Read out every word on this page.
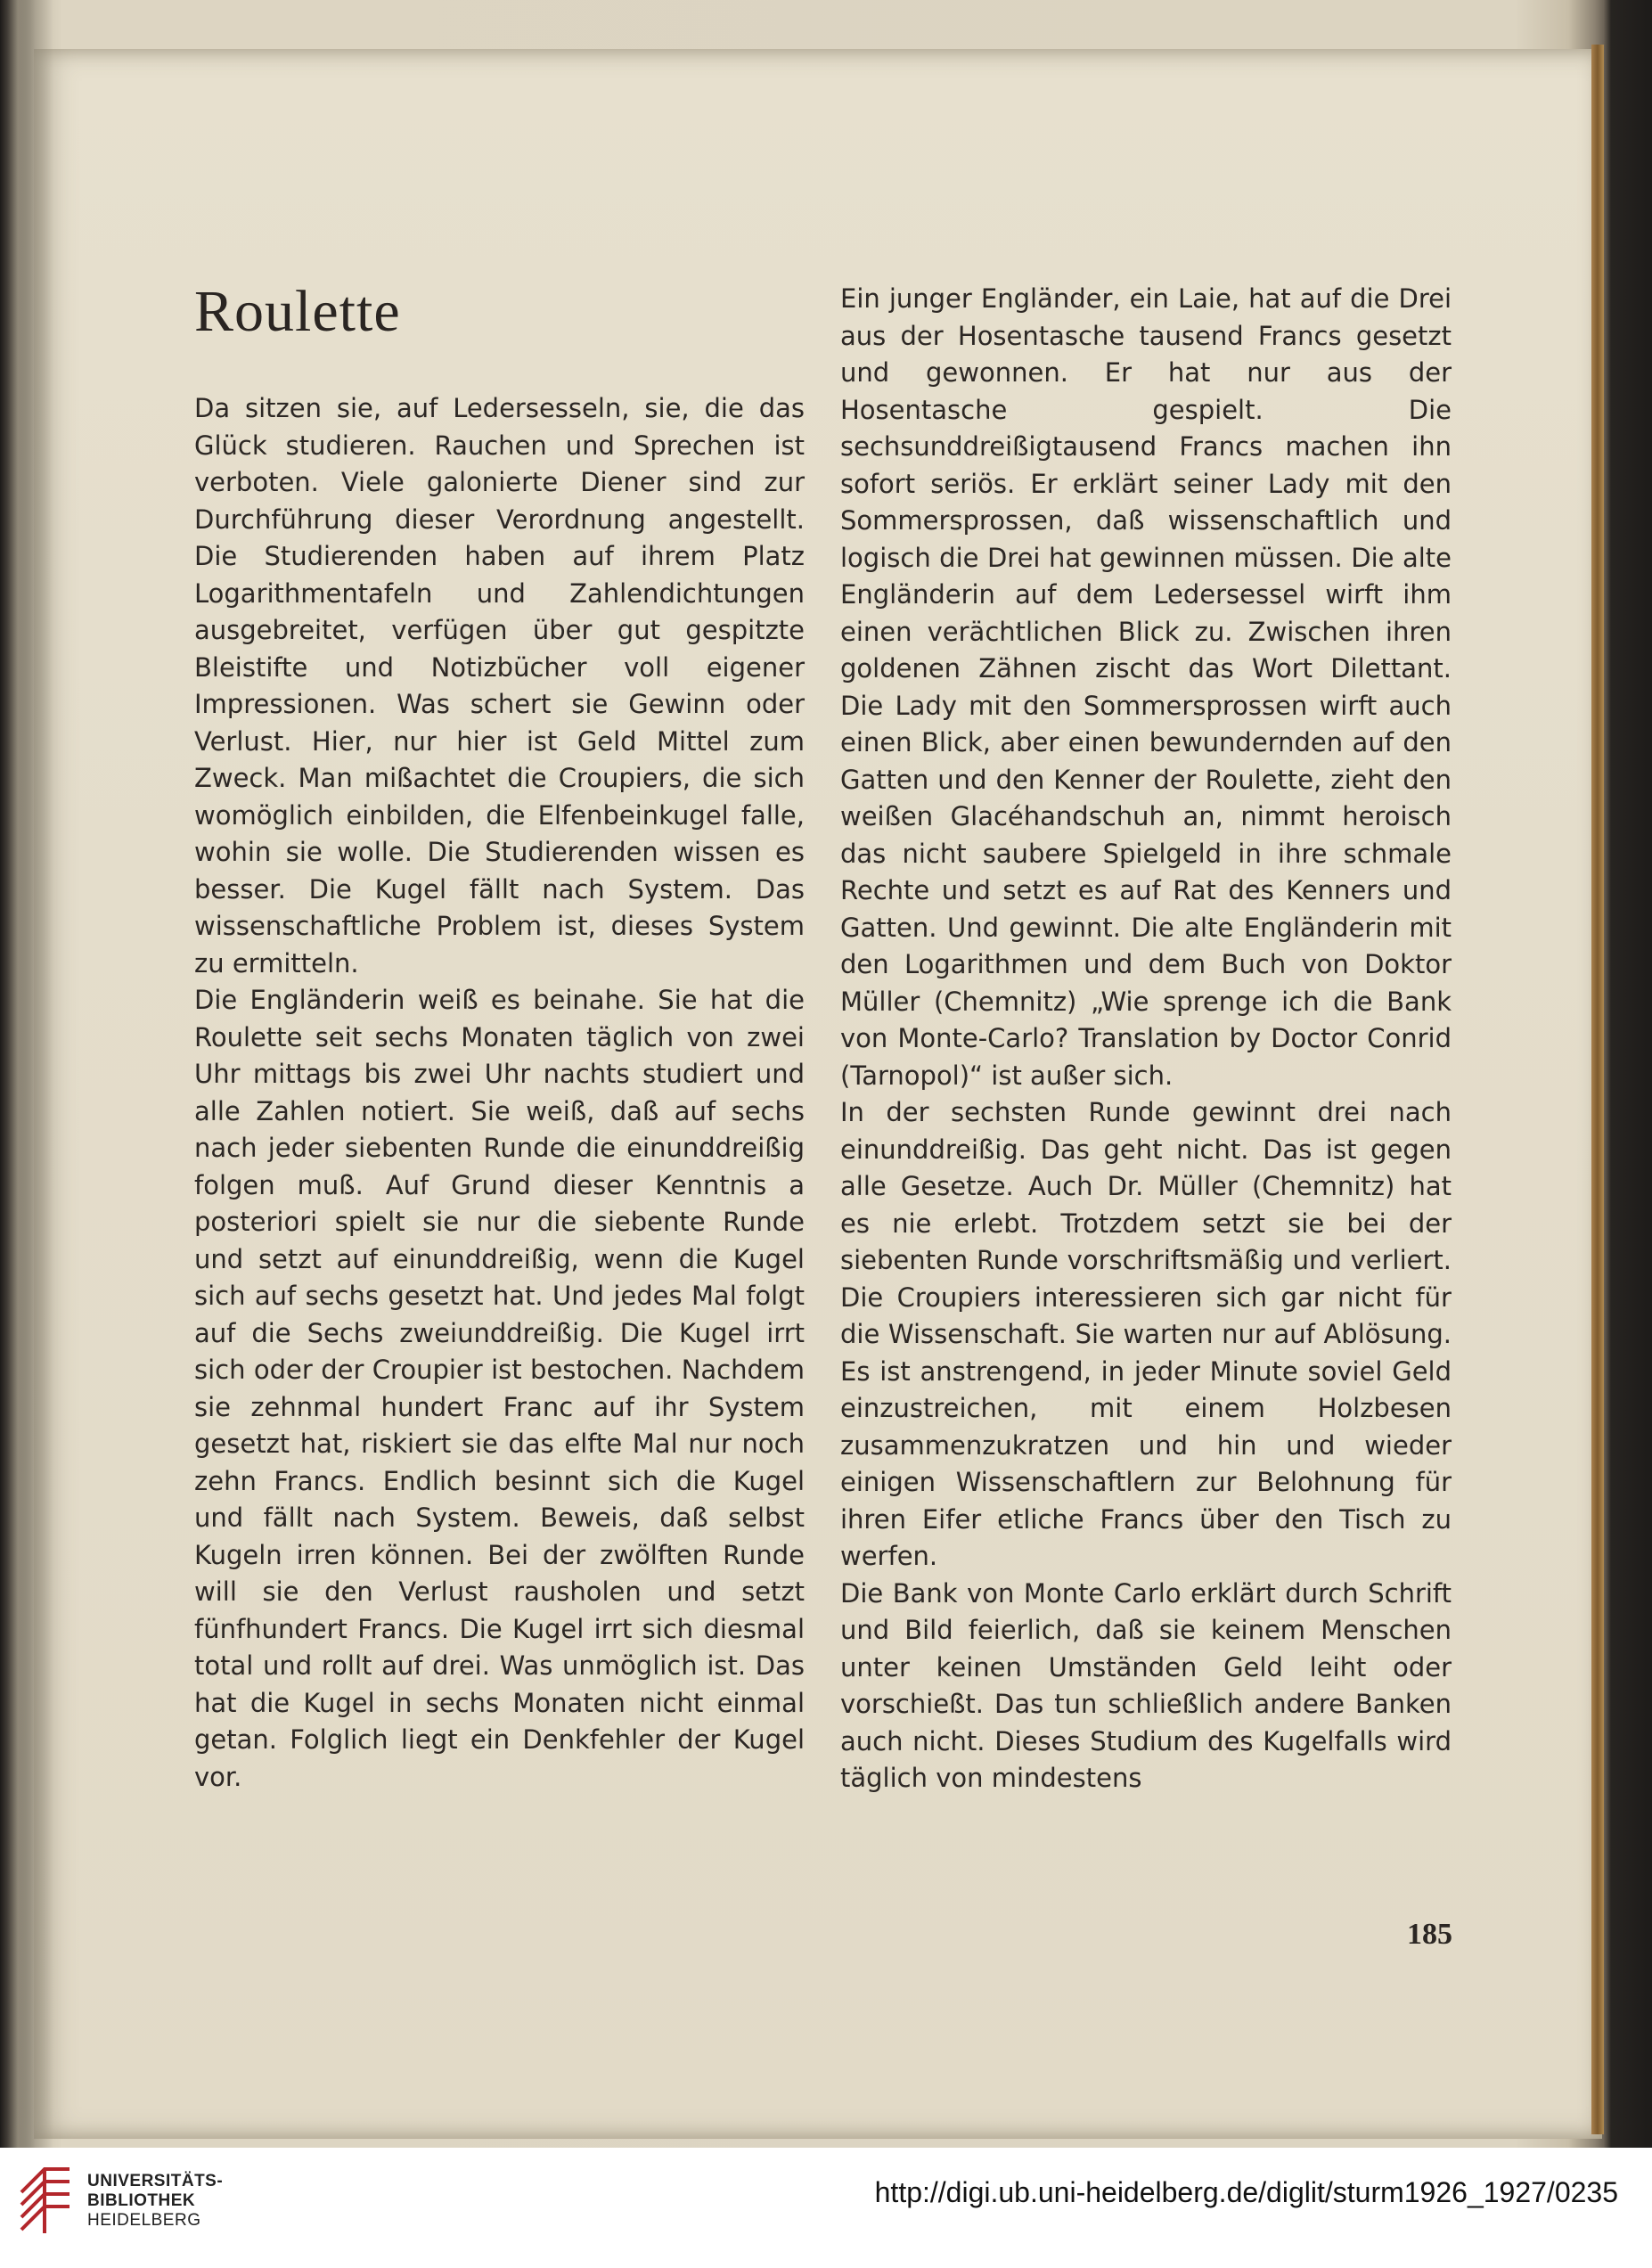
Roulette

Da sitzen sie, auf Ledersesseln, sie, die das Glück studieren. Rauchen und Sprechen ist verboten. Viele galonierte Diener sind zur Durchführung dieser Verordnung angestellt. Die Studierenden haben auf ihrem Platz Logarithmentafeln und Zahlendichtungen ausgebreitet, verfügen über gut gespitzte Bleistifte und Notizbücher voll eigener Impressionen. Was schert sie Gewinn oder Verlust. Hier, nur hier ist Geld Mittel zum Zweck. Man mißachtet die Croupiers, die sich womöglich einbilden, die Elfenbeinkugel falle, wohin sie wolle. Die Studierenden wissen es besser. Die Kugel fällt nach System. Das wissenschaftliche Problem ist, dieses System zu ermitteln.

Die Engländerin weiß es beinahe. Sie hat die Roulette seit sechs Monaten täglich von zwei Uhr mittags bis zwei Uhr nachts studiert und alle Zahlen notiert. Sie weiß, daß auf sechs nach jeder siebenten Runde die einunddreißig folgen muß. Auf Grund dieser Kenntnis a posteriori spielt sie nur die siebente Runde und setzt auf einunddreißig, wenn die Kugel sich auf sechs gesetzt hat. Und jedes Mal folgt auf die Sechs zweiunddreißig. Die Kugel irrt sich oder der Croupier ist bestochen. Nachdem sie zehnmal hundert Franc auf ihr System gesetzt hat, riskiert sie das elfte Mal nur noch zehn Francs. Endlich besinnt sich die Kugel und fällt nach System. Beweis, daß selbst Kugeln irren können. Bei der zwölften Runde will sie den Verlust rausholen und setzt fünfhundert Francs. Die Kugel irrt sich diesmal total und rollt auf drei. Was unmöglich ist. Das hat die Kugel in sechs Monaten nicht einmal getan. Folglich liegt ein Denkfehler der Kugel vor.

Ein junger Engländer, ein Laie, hat auf die Drei aus der Hosentasche tausend Francs gesetzt und gewonnen. Er hat nur aus der Hosentasche gespielt. Die sechsunddreißigtausend Francs machen ihn sofort seriös. Er erklärt seiner Lady mit den Sommersprossen, daß wissenschaftlich und logisch die Drei hat gewinnen müssen. Die alte Engländerin auf dem Ledersessel wirft ihm einen verächtlichen Blick zu. Zwischen ihren goldenen Zähnen zischt das Wort Dilettant. Die Lady mit den Sommersprossen wirft auch einen Blick, aber einen bewundernden auf den Gatten und den Kenner der Roulette, zieht den weißen Glacéhandschuh an, nimmt heroisch das nicht saubere Spielgeld in ihre schmale Rechte und setzt es auf Rat des Kenners und Gatten. Und gewinnt. Die alte Engländerin mit den Logarithmen und dem Buch von Doktor Müller (Chemnitz) „Wie sprenge ich die Bank von Monte-Carlo? Translation by Doctor Conrid (Tarnopol)“ ist außer sich.

In der sechsten Runde gewinnt drei nach einunddreißig. Das geht nicht. Das ist gegen alle Gesetze. Auch Dr. Müller (Chemnitz) hat es nie erlebt. Trotzdem setzt sie bei der siebenten Runde vorschriftsmäßig und verliert. Die Croupiers interessieren sich gar nicht für die Wissenschaft. Sie warten nur auf Ablösung. Es ist anstrengend, in jeder Minute soviel Geld einzustreichen, mit einem Holzbesen zusammenzukratzen und hin und wieder einigen Wissenschaftlern zur Belohnung für ihren Eifer etliche Francs über den Tisch zu werfen.

Die Bank von Monte Carlo erklärt durch Schrift und Bild feierlich, daß sie keinem Menschen unter keinen Umständen Geld leiht oder vorschießt. Das tun schließlich andere Banken auch nicht. Dieses Studium des Kugelfalls wird täglich von mindestens

185
UNIVERSITÄTS-
BIBLIOTHEK
HEIDELBERG
http://digi.ub.uni-heidelberg.de/diglit/sturm1926_1927/0235
